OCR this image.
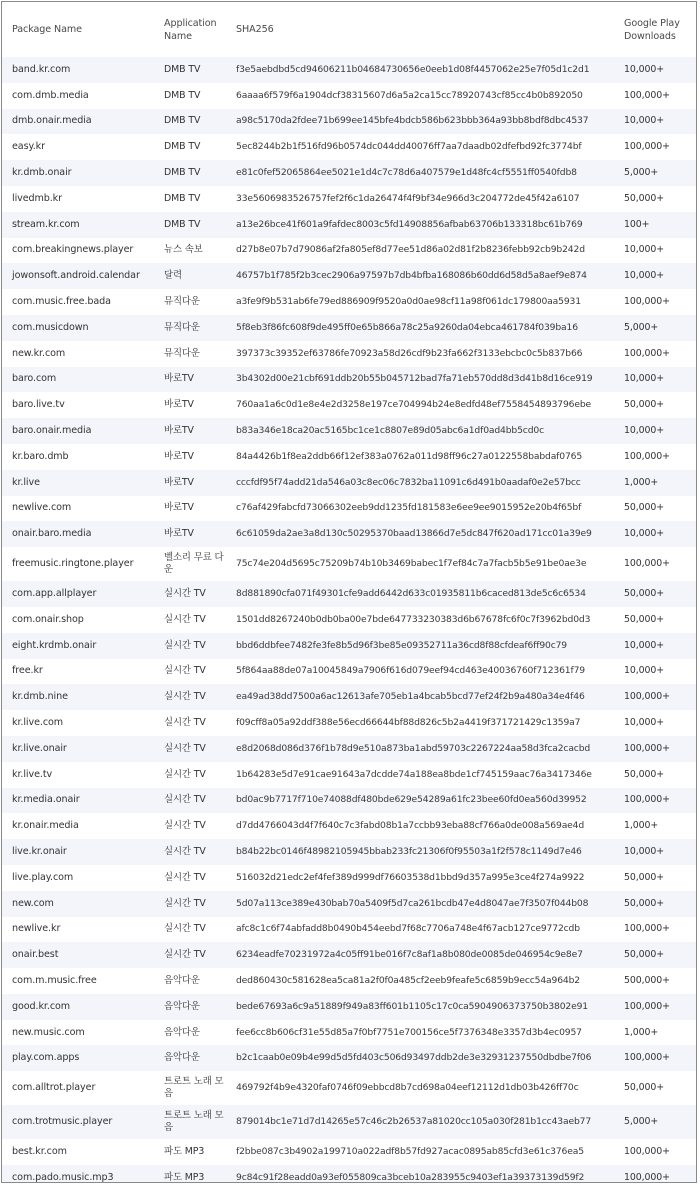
Package Name	Application Name	SHA256	Google Play Downloads
band.kr.com	DMB TV	f3e5aebdbd5cd94606211b04684730656e0eeb1d08f4457062e25e7f05d1c2d1	10,000+
com.dmb.media	DMB TV	6aaaa6f579f6a1904dcf38315607d6a5a2ca15cc78920743cf85cc4b0b892050	100,000+
dmb.onair.media	DMB TV	a98c5170da2fdee71b699ee145bfe4bdcb586b623bbb364a93bb8bdf8dbc4537	10,000+
easy.kr	DMB TV	5ec8244b2b1f516fd96b0574dc044dd40076ff7aa7daadb02dfefbd92fc3774bf	100,000+
kr.dmb.onair	DMB TV	e81c0fef52065864ee5021e1d4c7c78d6a407579e1d48fc4cf5551ff0540fdb8	5,000+
livedmb.kr	DMB TV	33e5606983526757fef2f6c1da26474f4f9bf34e966d3c204772de45f42a6107	50,000+
stream.kr.com	DMB TV	a13e26bce41f601a9fafdec8003c5fd14908856afbab63706b133318bc61b769	100+
com.breakingnews.player	뉴스 속보	d27b8e07b7d79086af2fa805ef8d77ee51d86a02d81f2b8236febb92cb9b242d	10,000+
jowonsoft.android.calendar	달력	46757b1f785f2b3cec2906a97597b7db4bfba168086b60dd6d58d5a8aef9e874	10,000+
com.music.free.bada	뮤직다운	a3fe9f9b531ab6fe79ed886909f9520a0d0ae98cf11a98f061dc179800aa5931	100,000+
com.musicdown	뮤직다운	5f8eb3f86fc608f9de495ff0e65b866a78c25a9260da04ebca461784f039ba16	5,000+
new.kr.com	뮤직다운	397373c39352ef63786fe70923a58d26cdf9b23fa662f3133ebcbc0c5b837b66	100,000+
baro.com	바로TV	3b4302d00e21cbf691ddb20b55b045712bad7fa71eb570dd8d3d41b8d16ce919	10,000+
baro.live.tv	바로TV	760aa1a6c0d1e8e4e2d3258e197ce704994b24e8edfd48ef7558454893796ebe	50,000+
baro.onair.media	바로TV	b83a346e18ca20ac5165bc1ce1c8807e89d05abc6a1df0ad4bb5cd0c	10,000+
kr.baro.dmb	바로TV	84a4426b1f8ea2ddb66f12ef383a0762a011d98ff96c27a0122558babdaf0765	100,000+
kr.live	바로TV	cccfdf95f74add21da546a03c8ec06c7832ba11091c6d491b0aadaf0e2e57bcc	1,000+
newlive.com	바로TV	c76af429fabcfd73066302eeb9dd1235fd181583e6ee9ee9015952e20b4f65bf	50,000+
onair.baro.media	바로TV	6c61059da2ae3a8d130c50295370baad13866d7e5dc847f620ad171cc01a39e9	10,000+
freemusic.ringtone.player	벨소리 무료 다운	75c74e204d5695c75209b74b10b3469babec1f7ef84c7a7facb5b5e91be0ae3e	100,000+
com.app.allplayer	실시간 TV	8d881890cfa071f49301cfe9add6442d633c01935811b6caced813de5c6c6534	50,000+
com.onair.shop	실시간 TV	1501dd8267240b0db0ba00e7bde647733230383d6b67678fc6f0c7f3962bd0d3	50,000+
eight.krdmb.onair	실시간 TV	bbd6ddbfee7482fe3fe8b5d96f3be85e09352711a36cd8f88cfdeaf6ff90c79	10,000+
free.kr	실시간 TV	5f864aa88de07a10045849a7906f616d079eef94cd463e40036760f712361f79	10,000+
kr.dmb.nine	실시간 TV	ea49ad38dd7500a6ac12613afe705eb1a4bcab5bcd77ef24f2b9a480a34e4f46	100,000+
kr.live.com	실시간 TV	f09cff8a05a92ddf388e56ecd66644bf88d826c5b2a4419f371721429c1359a7	10,000+
kr.live.onair	실시간 TV	e8d2068d086d376f1b78d9e510a873ba1abd59703c2267224aa58d3fca2cacbd	100,000+
kr.live.tv	실시간 TV	1b64283e5d7e91cae91643a7dcdde74a188ea8bde1cf745159aac76a3417346e	50,000+
kr.media.onair	실시간 TV	bd0ac9b7717f710e74088df480bde629e54289a61fc23bee60fd0ea560d39952	100,000+
kr.onair.media	실시간 TV	d7dd4766043d4f7f640c7c3fabd08b1a7ccbb93eba88cf766a0de008a569ae4d	1,000+
live.kr.onair	실시간 TV	b84b22bc0146f48982105945bbab233fc21306f0f95503a1f2f578c1149d7e46	10,000+
live.play.com	실시간 TV	516032d21edc2ef4fef389d999df76603538d1bbd9d357a995e3ce4f274a9922	50,000+
new.com	실시간 TV	5d07a113ce389e430bab70a5409f5d7ca261bcdb47e4d8047ae7f3507f044b08	50,000+
newlive.kr	실시간 TV	afc8c1c6f74abfadd8b0490b454eebd7f68c7706a748e4f67acb127ce9772cdb	100,000+
onair.best	실시간 TV	6234eadfe70231972a4c05ff91be016f7c8af1a8b080de0085de046954c9e8e7	50,000+
com.m.music.free	음악다운	ded860430c581628ea5ca81a2f0f0a485cf2eeb9feafe5c6859b9ecc54a964b2	500,000+
good.kr.com	음악다운	bede67693a6c9a51889f949a83ff601b1105c17c0ca5904906373750b3802e91	100,000+
new.music.com	음악다운	fee6cc8b606cf31e55d85a7f0bf7751e700156ce5f7376348e3357d3b4ec0957	1,000+
play.com.apps	음악다운	b2c1caab0e09b4e99d5d5fd403c506d93497ddb2de3e32931237550dbdbe7f06	100,000+
com.alltrot.player	트로트 노래 모음	469792f4b9e4320faf0746f09ebbcd8b7cd698a04eef12112d1db03b426ff70c	50,000+
com.trotmusic.player	트로트 노래 모음	879014bc1e71d7d14265e57c46c2b26537a81020cc105a030f281b1cc43aeb77	5,000+
best.kr.com	파도 MP3	f2bbe087c3b4902a199710a022adf8b57fd927acac0895ab85cfd3e61c376ea5	100,000+
com.pado.music.mp3	파도 MP3	9c84c91f28eadd0a93ef055809ca3bceb10a283955c9403ef1a39373139d59f2	100,000+
